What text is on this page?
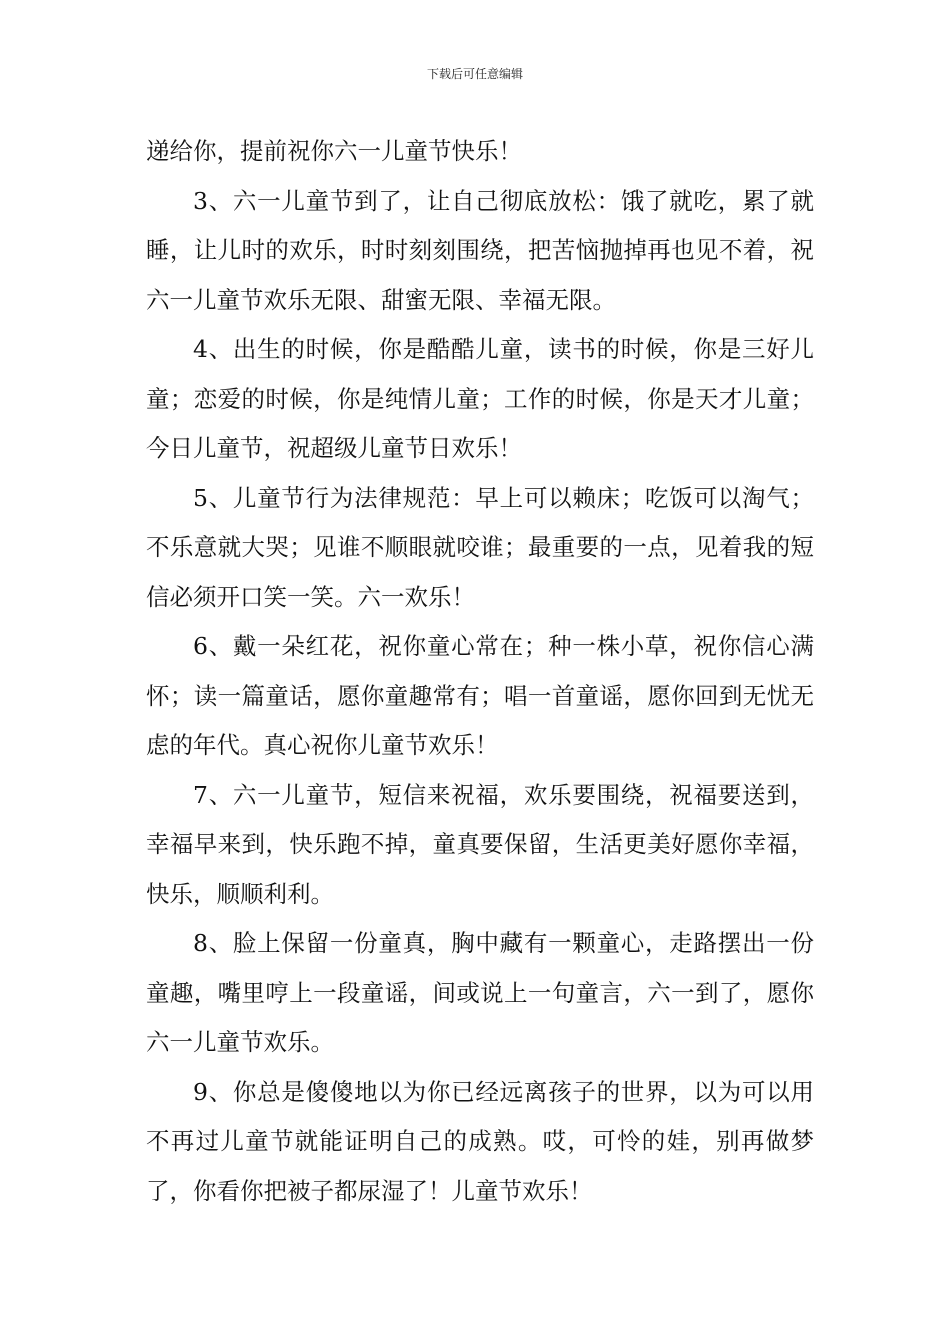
下载后可任意编辑

递给你，提前祝你六一儿童节快乐！

3、六一儿童节到了，让自己彻底放松：饿了就吃，累了就睡，让儿时的欢乐，时时刻刻围绕，把苦恼抛掉再也见不着，祝六一儿童节欢乐无限、甜蜜无限、幸福无限。

4、出生的时候，你是酷酷儿童，读书的时候，你是三好儿童；恋爱的时候，你是纯情儿童；工作的时候，你是天才儿童；今日儿童节，祝超级儿童节日欢乐！

5、儿童节行为法律规范：早上可以赖床；吃饭可以淘气；不乐意就大哭；见谁不顺眼就咬谁；最重要的一点，见着我的短信必须开口笑一笑。六一欢乐！

6、戴一朵红花，祝你童心常在；种一株小草，祝你信心满怀；读一篇童话，愿你童趣常有；唱一首童谣，愿你回到无忧无虑的年代。真心祝你儿童节欢乐！

7、六一儿童节，短信来祝福，欢乐要围绕，祝福要送到，幸福早来到，快乐跑不掉，童真要保留，生活更美好愿你幸福，快乐，顺顺利利。

8、脸上保留一份童真，胸中藏有一颗童心，走路摆出一份童趣，嘴里哼上一段童谣，间或说上一句童言，六一到了，愿你六一儿童节欢乐。

9、你总是傻傻地以为你已经远离孩子的世界，以为可以用不再过儿童节就能证明自己的成熟。哎，可怜的娃，别再做梦了，你看你把被子都尿湿了！儿童节欢乐！
